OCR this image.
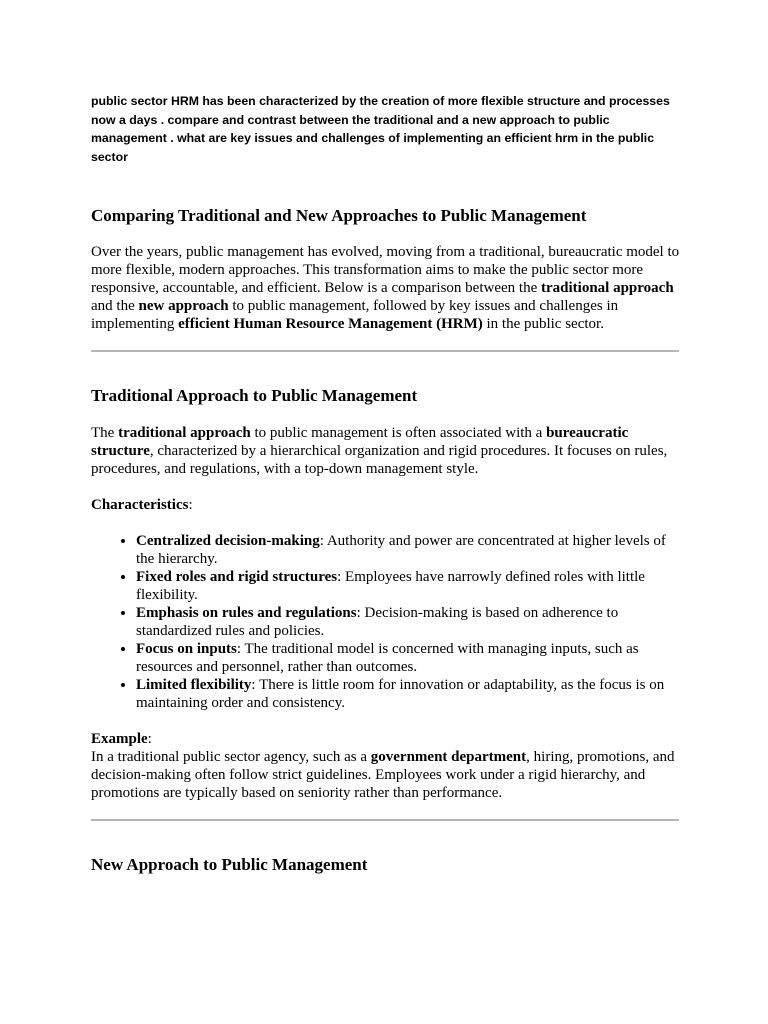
public sector HRM has been characterized by the creation of more flexible structure and processes now a days . compare and contrast between the traditional and a new approach to public management . what are key issues and challenges of implementing an efficient hrm in the public sector

Comparing Traditional and New Approaches to Public Management

Over the years, public management has evolved, moving from a traditional, bureaucratic model to more flexible, modern approaches. This transformation aims to make the public sector more responsive, accountable, and efficient. Below is a comparison between the traditional approach and the new approach to public management, followed by key issues and challenges in implementing efficient Human Resource Management (HRM) in the public sector.

Traditional Approach to Public Management

The traditional approach to public management is often associated with a bureaucratic structure, characterized by a hierarchical organization and rigid procedures. It focuses on rules, procedures, and regulations, with a top-down management style.

Characteristics:

• Centralized decision-making: Authority and power are concentrated at higher levels of the hierarchy.
• Fixed roles and rigid structures: Employees have narrowly defined roles with little flexibility.
• Emphasis on rules and regulations: Decision-making is based on adherence to standardized rules and policies.
• Focus on inputs: The traditional model is concerned with managing inputs, such as resources and personnel, rather than outcomes.
• Limited flexibility: There is little room for innovation or adaptability, as the focus is on maintaining order and consistency.

Example:

In a traditional public sector agency, such as a government department, hiring, promotions, and decision-making often follow strict guidelines. Employees work under a rigid hierarchy, and promotions are typically based on seniority rather than performance.

New Approach to Public Management
